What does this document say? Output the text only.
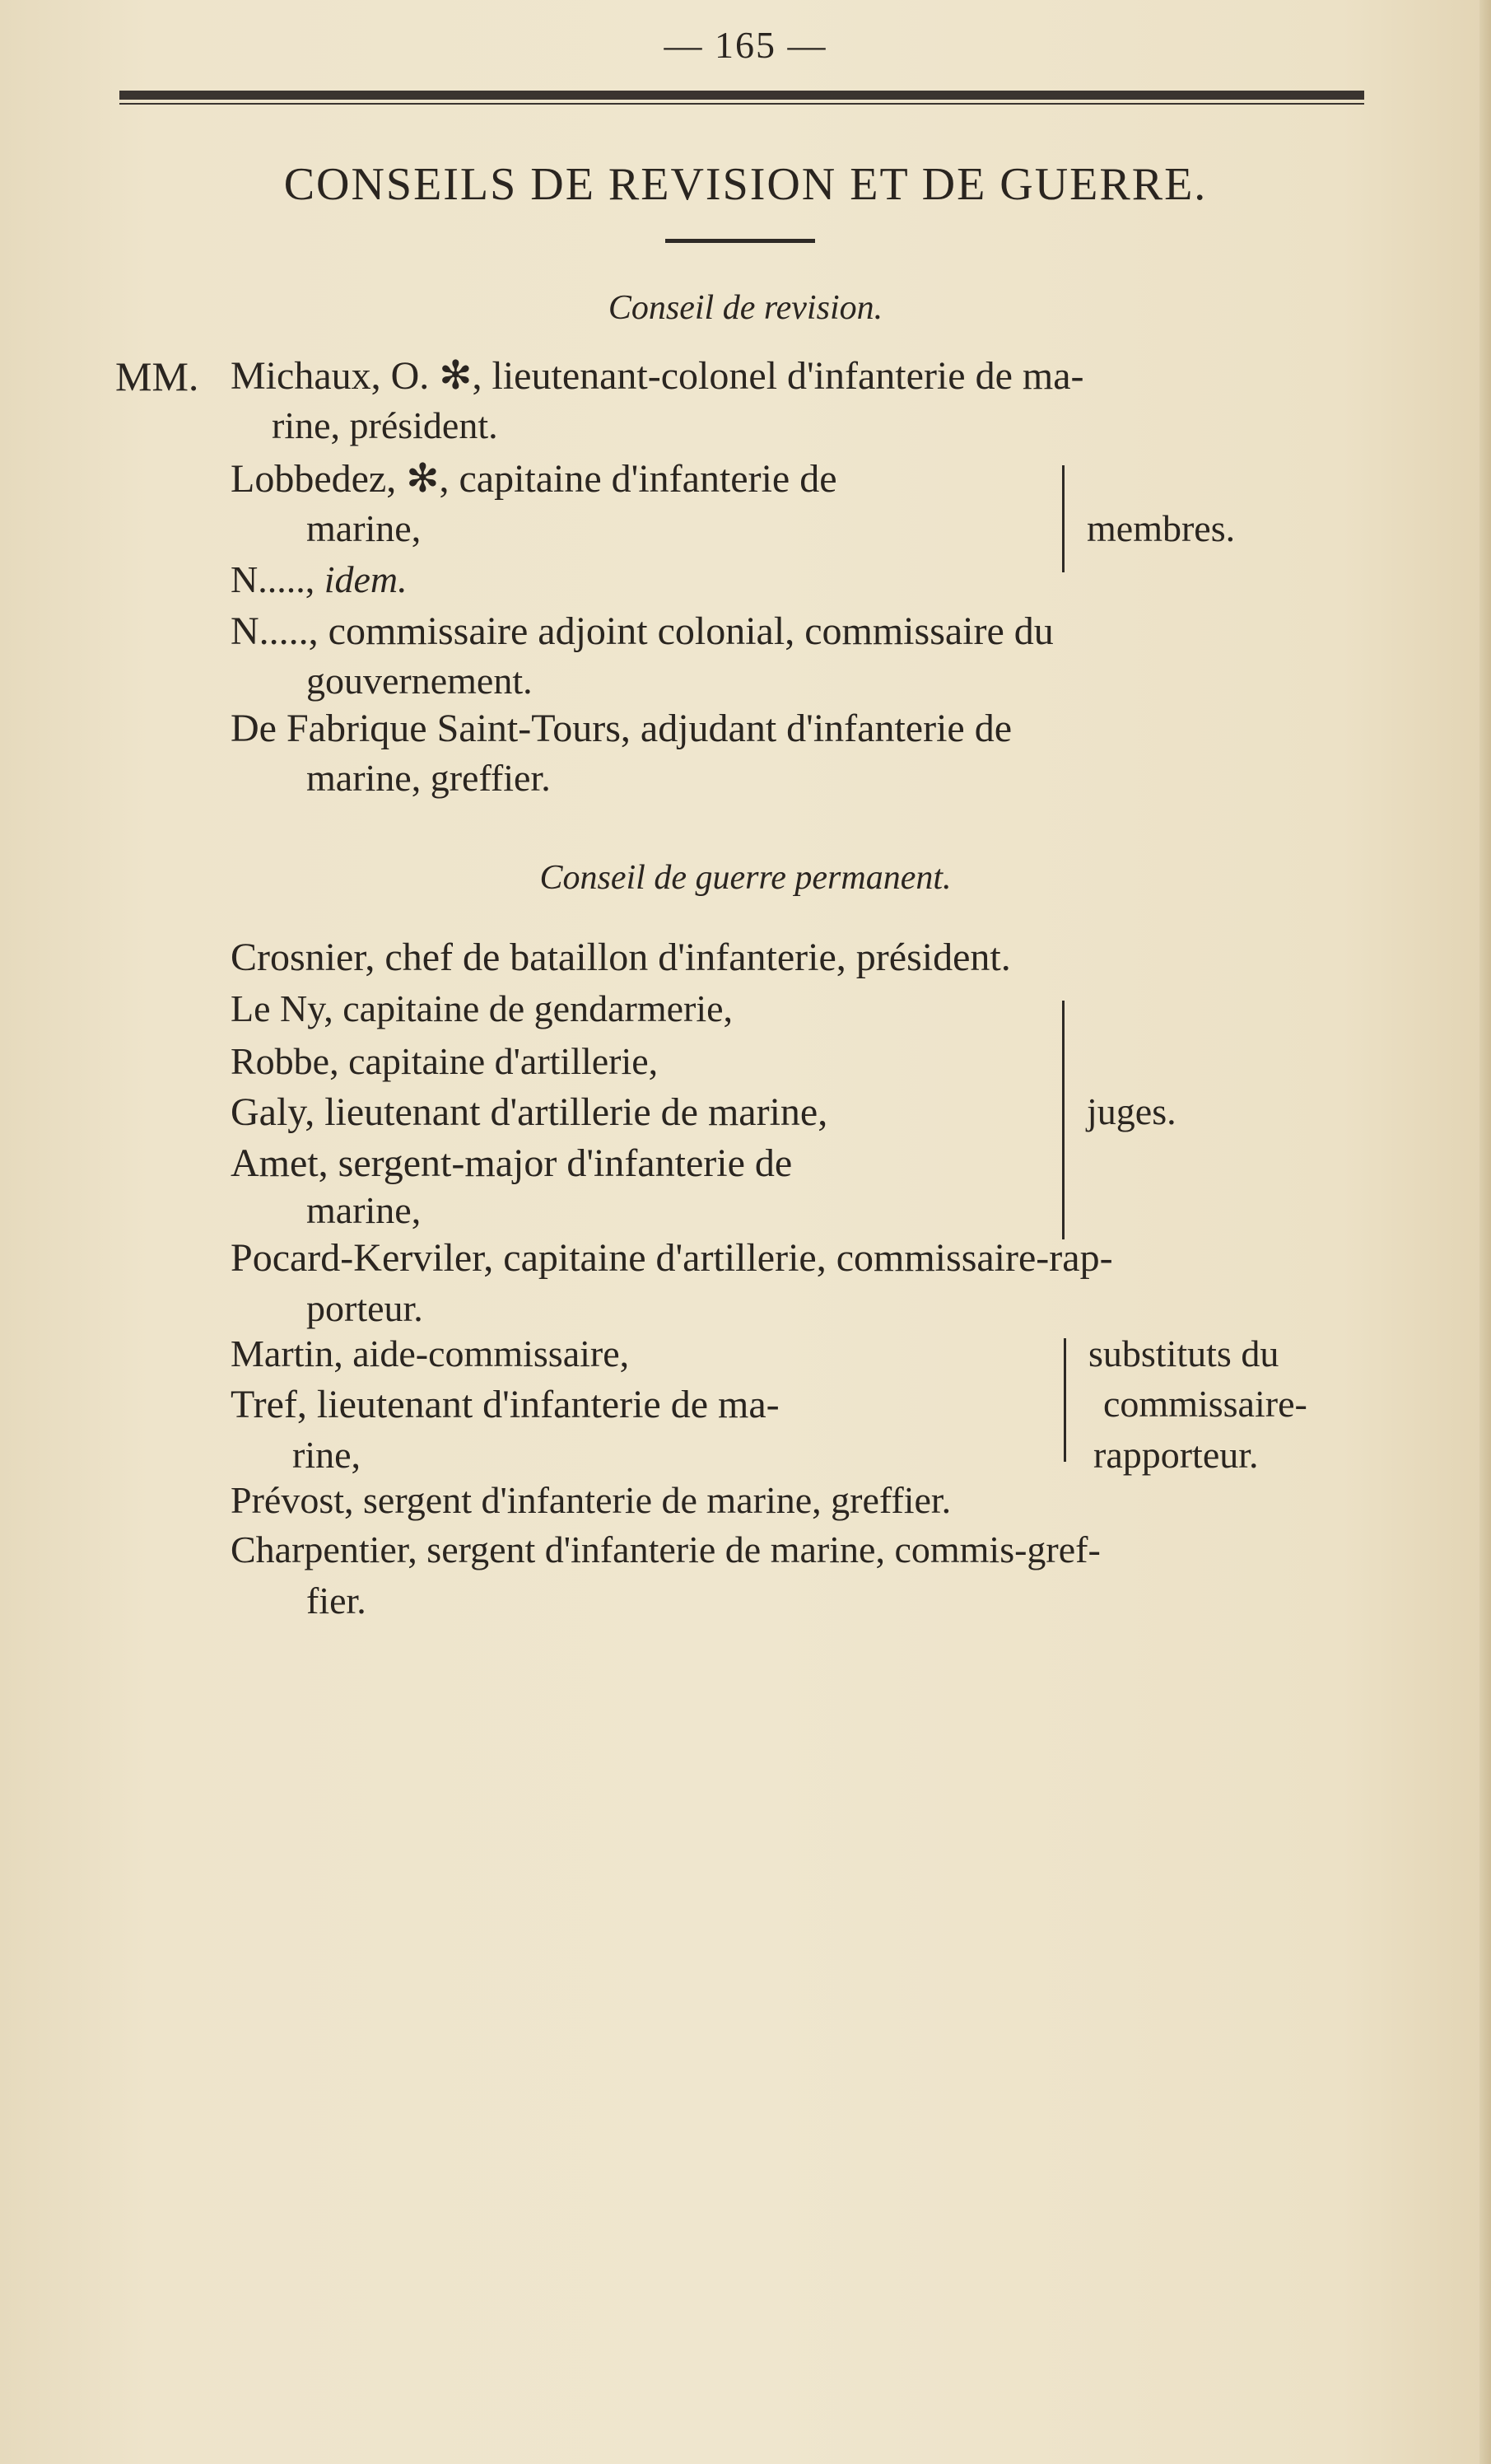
— 165 —
CONSEILS DE REVISION ET DE GUERRE.
Conseil de revision.
MM. Michaux, O. ✻, lieutenant-colonel d'infanterie de ma-
rine, président.
Lobbedez, ✻, capitaine d'infanterie de
marine,	membres.
N....., idem.
N....., commissaire adjoint colonial, commissaire du
gouvernement.
De Fabrique Saint-Tours, adjudant d'infanterie de
marine, greffier.
Conseil de guerre permanent.
Crosnier, chef de bataillon d'infanterie, président.
Le Ny, capitaine de gendarmerie,
Robbe, capitaine d'artillerie,
Galy, lieutenant d'artillerie de marine,
Amet, sergent-major d'infanterie de
marine,
juges.
Pocard-Kerviler, capitaine d'artillerie, commissaire-rap-
porteur.
Martin, aide-commissaire,
Tref, lieutenant d'infanterie de ma-
rine,
substituts du
commissaire-
rapporteur.
Prévost, sergent d'infanterie de marine, greffier.
Charpentier, sergent d'infanterie de marine, commis-gref-
fier.
